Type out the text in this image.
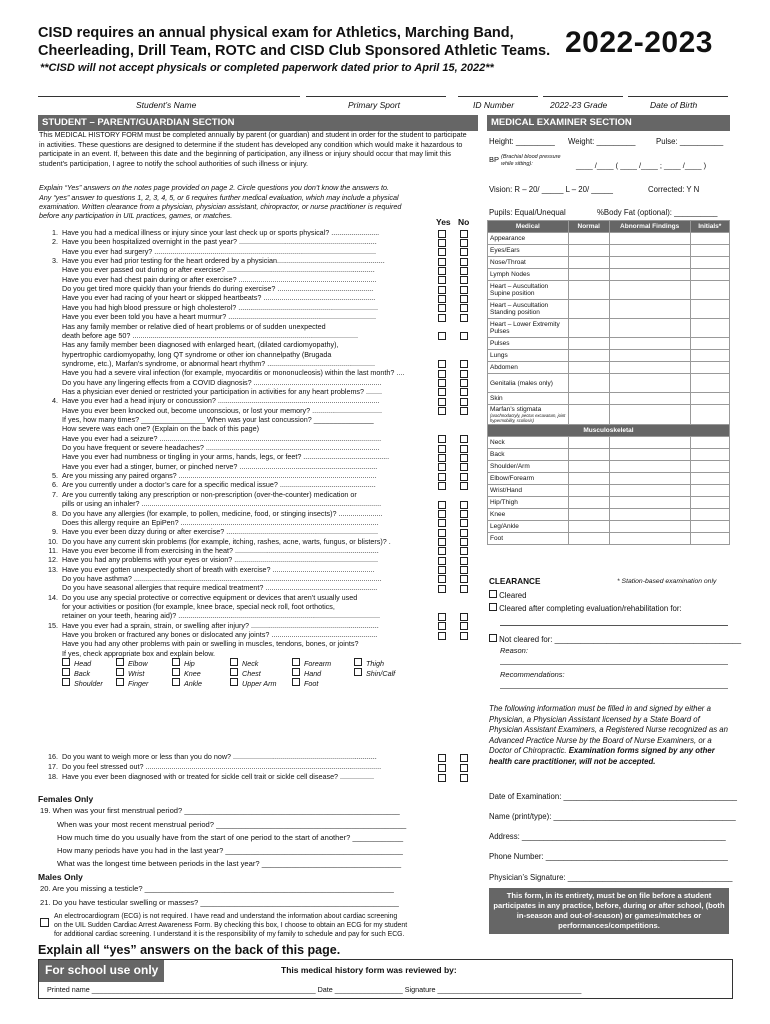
CISD requires an annual physical exam for Athletics, Marching Band,
Cheerleading, Drill Team, ROTC and CISD Club Sponsored Athletic Teams. 2022-2023
**CISD will not accept physicals or completed paperwork dated prior to April 15, 2022**
Student’s Name	Primary Sport	ID Number	2022-23 Grade	Date of Birth
STUDENT – PARENT/GUARDIAN SECTION
This MEDICAL HISTORY FORM must be completed annually by parent (or guardian) and student in order for the student to participate in activities. These questions are designed to determine if the student has developed any condition which would make it hazardous to participate in an event. If, between this date and the beginning of participation, any illness or injury should occur that may limit this student’s participation, I agree to notify the school authorities of such illness or injury.
Explain “Yes” answers on the notes page provided on page 2. Circle questions you don’t know the answers to.
Any “yes” answer to questions 1, 2, 3, 4, 5, or 6 requires further medical evaluation, which may include a physical
examination. Written clearance from a physician, physician assistant, chiropractor, or nurse practitioner is required
before any participation in UIL practices, games, or matches.
Yes No
1. Have you had a medical illness or injury since your last check up or sports physical? ........................
2. Have you been hospitalized overnight in the past year? .....................................................................
Have you ever had surgery? ...............................................................................................................
3. Have you ever had prior testing for the heart ordered by a physician......................................................
Have you ever passed out during or after exercise? ..........................................................................
Have you ever had chest pain during or after exercise? .....................................................................
Do you get tired more quickly than your friends do during exercise? ................................................
Have you ever had racing of your heart or skipped heartbeats? ........................................................
Have you had high blood pressure or high cholesterol? ......................................................................
Have you ever been told you have a heart murmur? ..........................................................................
Has any family member or relative died of heart problems or of sudden unexpected
death before age 50? .................................................................................................................
Has any family member been diagnosed with enlarged heart, (dilated cardiomyopathy),
hypertrophic cardiomyopathy, long QT syndrome or other ion channelpathy (Brugada
syndrome, etc.), Marfan’s syndrome, or abnormal heart rhythm? ......................................................
Have you had a severe viral infection (for example, myocarditis or mononucleosis) within the last month? ....
Do you have any lingering effects from a COVID diagnosis? ................................................................
Has a physician ever denied or restricted your participation in activities for any heart problems? ........
4. Have you ever had a head injury or concussion? .................................................................................
Have you ever been knocked out, become unconscious, or lost your memory? ...................................
If yes, how many times? ________________ When was your last concussion? _______________
How severe was each one? (Explain on the back of this page)
Have you ever had a seizure? ...............................................................................................................
Do you have frequent or severe headaches? .......................................................................................
Have you ever had numbness or tingling in your arms, hands, legs, or feet? ...........................................
Have you ever had a stinger, burner, or pinched nerve? .....................................................................
5. Are you missing any paired organs? ...................................................................................................
6. Are you currently under a doctor’s care for a specific medical issue? ................................................
7. Are you currently taking any prescription or non-prescription (over-the-counter) medication or
pills or using an inhaler? ........................................................................................................................
8. Do you have any allergies (for example, to pollen, medicine, food, or stinging insects)? ......................
Does this allergy require an EpiPen? ...................................................................................................
9. Have you ever been dizzy during or after exercise? ............................................................................
10. Do you have any current skin problems (for example, itching, rashes, acne, warts, fungus, or blisters)? .
11. Have you ever become ill from exercising in the heat? ........................................................................
12. Have you had any problems with your eyes or vision? ........................................................................
13. Have you ever gotten unexpectedly short of breath with exercise? ...................................................
Do you have asthma? ............................................................................................................................
Do you have seasonal allergies that require medical treatment? ........................................................
14. Do you use any special protective or corrective equipment or devices that aren’t usually used
for your activities or position (for example, knee brace, special neck roll, foot orthotics,
retainer on your teeth, hearing aid)? .....................................................................................................
15. Have you ever had a sprain, strain, or swelling after injury? ................................................................
Have you broken or fractured any bones or dislocated any joints? .....................................................
Have you had any other problems with pain or swelling in muscles, tendons, bones, or joints?
If yes, check appropriate box and explain below.
Head	Elbow	Hip	Neck	Forearm	Thigh
Back	Wrist	Knee	Chest	Hand	Shin/Calf
Shoulder	Finger	Ankle	Upper Arm	Foot
16. Do you want to weigh more or less than you do now? ........................................................................
17. Do you feel stressed out? ......................................................................................................................
18. Have you ever been diagnosed with or treated for sickle cell trait or sickle cell disease? .................
Females Only
19. When was your first menstrual period? ___________________________________________________
When was your most recent menstrual period? _____________________________________________
How much time do you usually have from the start of one period to the start of another? ____________
How many periods have you had in the last year? __________________________________________
What was the longest time between periods in the last year? _________________________________
Males Only
20. Are you missing a testicle? ___________________________________________________________
21. Do you have testicular swelling or masses? _______________________________________________
An electrocardiogram (ECG) is not required. I have read and understand the information about cardiac screening
on the UIL Sudden Cardiac Arrest Awareness Form. By checking this box, I choose to obtain an ECG for my student
for additional cardiac screening. I understand it is the responsibility of my family to schedule and pay for such ECG.
Explain all “yes” answers on the back of this page.
For school use only	This medical history form was reviewed by:
Printed name ________________________________________________________ Date _________________ Signature ____________________________________
MEDICAL EXAMINER SECTION
Height: _________ Weight: _________	Pulse: __________
BP (Brachial blood pressure while sitting):	____ /____ ( ____ /____ ; ____ /____ )
Vision: R – 20/ _____ L – 20/ _____	Corrected: Y N
Pupils: Equal/Unequal	%Body Fat (optional): __________
Medical	Normal	Abnormal Findings	Initials*
Appearance			
Eyes/Ears			
Nose/Throat			
Lymph Nodes			
Heart – Auscultation Supine position			
Heart – Auscultation Standing position			
Heart – Lower Extremity Pulses			
Pulses			
Lungs			
Abdomen			
Genitalia (males only)			
Skin			
Marfan’s stigmata
(arachnodactyly, pectus excavatum, joint hypermobility, scoliosis)			

Musculoskeletal			
Neck			
Back			
Shoulder/Arm			
Elbow/Forearm			
Wrist/Hand			
Hip/Thigh			
Knee			
Leg/Ankle			
Foot			
CLEARANCE	* Station-based examination only
Cleared
Cleared after completing evaluation/rehabilitation for:
Not cleared for: ___________________________________________
Reason:
Recommendations:
The following information must be filled in and signed by either a Physician, a Physician Assistant licensed by a State Board of Physician Assistant Examiners, a Registered Nurse recognized as an Advanced Practice Nurse by the Board of Nurse Examiners, or a Doctor of Chiropractic. Examination forms signed by any other health care practitioner, will not be accepted.
Date of Examination: ________________________________________
Name (print/type): __________________________________________
Address: _______________________________________________
Phone Number: __________________________________________
Physician’s Signature: ______________________________________
This form, in its entirety, must be on file before a student participates in any practice, before, during or after school, (both in-season and out-of-season) or games/matches or performances/competitions.
